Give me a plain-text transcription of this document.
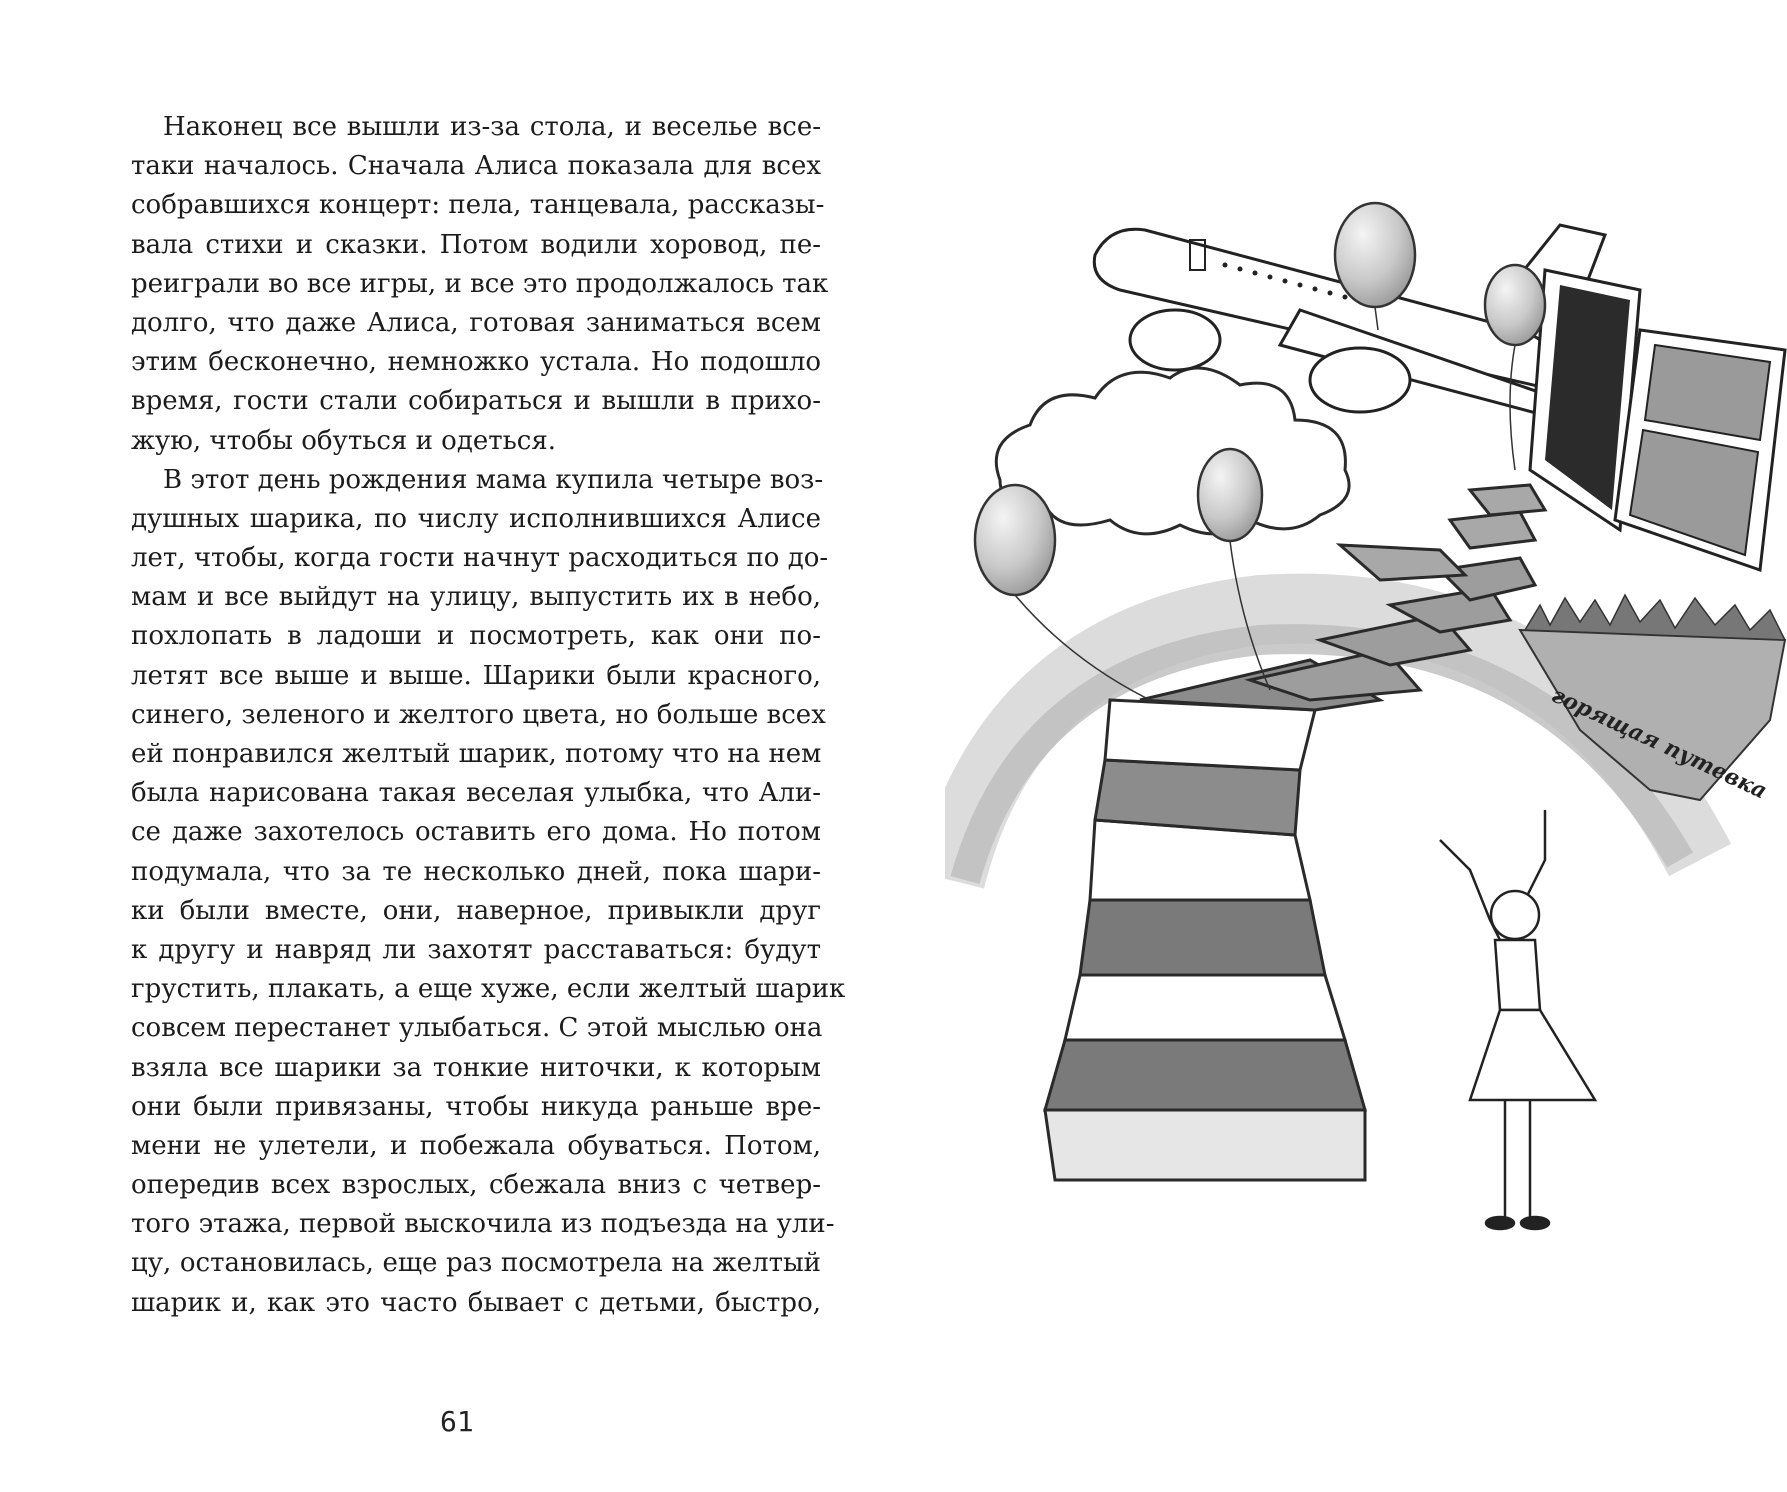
Наконец все вышли из-за стола, и веселье все-
таки началось. Сначала Алиса показала для всех
собравшихся концерт: пела, танцевала, рассказы-
вала стихи и сказки. Потом водили хоровод, пе-
реиграли во все игры, и все это продолжалось так
долго, что даже Алиса, готовая заниматься всем
этим бесконечно, немножко устала. Но подошло
время, гости стали собираться и вышли в прихо-
жую, чтобы обуться и одеться.
В этот день рождения мама купила четыре воз-
душных шарика, по числу исполнившихся Алисе
лет, чтобы, когда гости начнут расходиться по до-
мам и все выйдут на улицу, выпустить их в небо,
похлопать в ладоши и посмотреть, как они по-
летят все выше и выше. Шарики были красного,
синего, зеленого и желтого цвета, но больше всех
ей понравился желтый шарик, потому что на нем
была нарисована такая веселая улыбка, что Али-
се даже захотелось оставить его дома. Но потом
подумала, что за те несколько дней, пока шари-
ки были вместе, они, наверное, привыкли друг
к другу и навряд ли захотят расставаться: будут
грустить, плакать, а еще хуже, если желтый шарик
совсем перестанет улыбаться. С этой мыслью она
взяла все шарики за тонкие ниточки, к которым
они были привязаны, чтобы никуда раньше вре-
мени не улетели, и побежала обуваться. Потом,
опередив всех взрослых, сбежала вниз с четвер-
того этажа, первой выскочила из подъезда на ули-
цу, остановилась, еще раз посмотрела на желтый
шарик и, как это часто бывает с детьми, быстро,
61
горящая путевка
